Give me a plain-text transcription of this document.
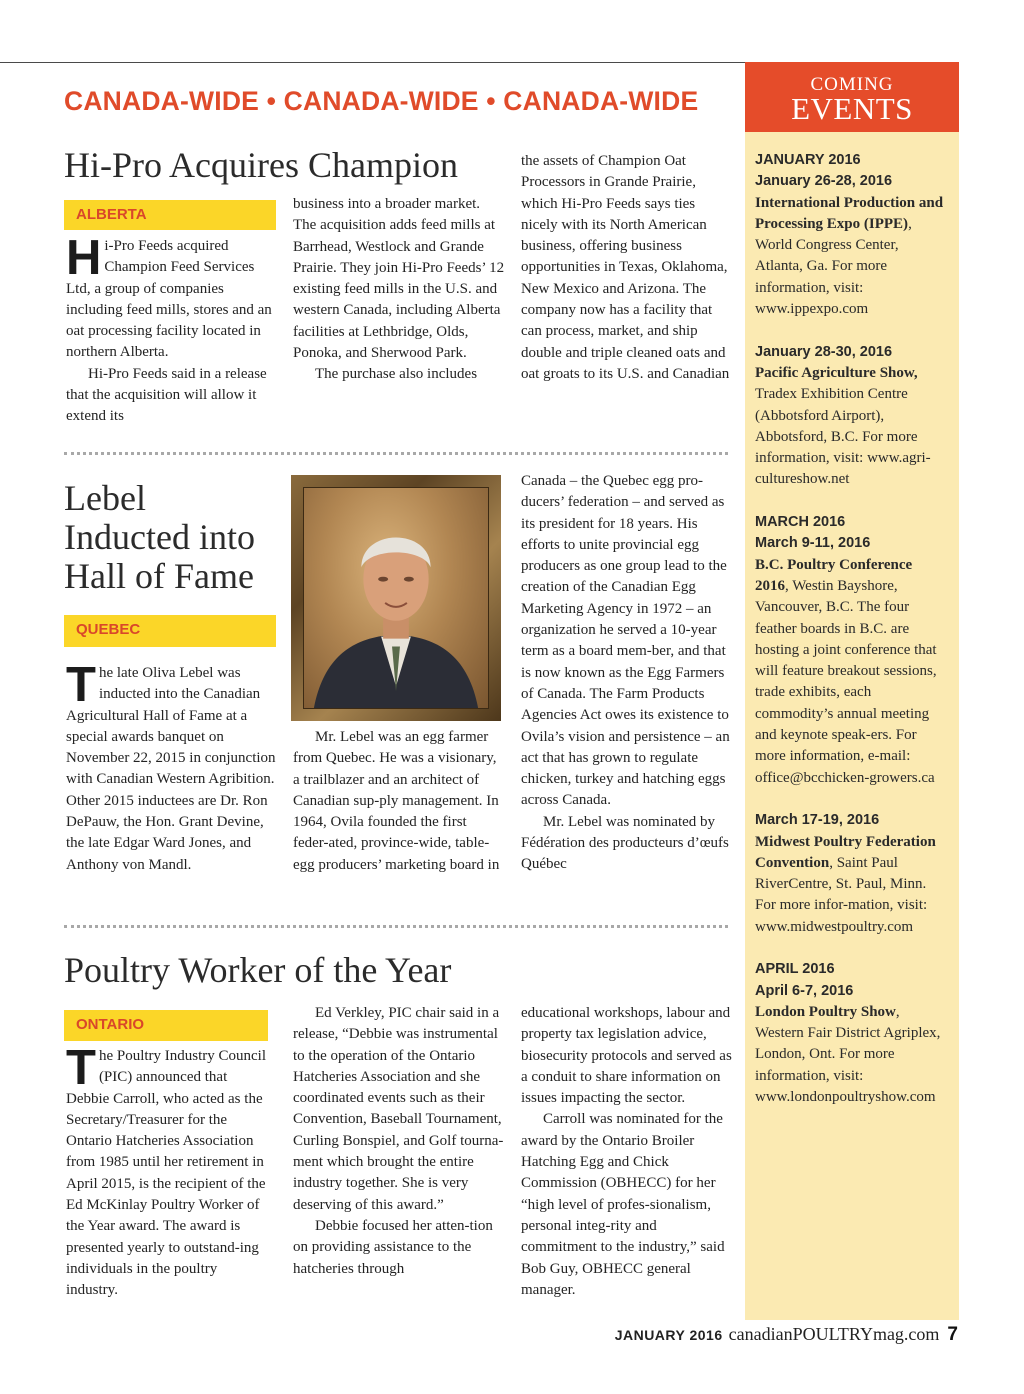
CANADA-WIDE • CANADA-WIDE • CANADA-WIDE
COMING
EVENTS
JANUARY 2016
January 26-28, 2016
International Production and Processing Expo (IPPE), World Congress Center, Atlanta, Ga. For more information, visit: www.ippexpo.com
January 28-30, 2016
Pacific Agriculture Show, Tradex Exhibition Centre (Abbotsford Airport), Abbotsford, B.C. For more information, visit: www.agri-cultureshow.net
MARCH 2016
March 9-11, 2016
B.C. Poultry Conference 2016, Westin Bayshore, Vancouver, B.C. The four feather boards in B.C. are hosting a joint conference that will feature breakout sessions, trade exhibits, each commodity’s annual meeting and keynote speak-ers. For more information, e-mail: office@bcchicken-growers.ca
March 17-19, 2016
Midwest Poultry Federation Convention, Saint Paul RiverCentre, St. Paul, Minn. For more infor-mation, visit: www.midwestpoultry.com
APRIL 2016
April 6-7, 2016
London Poultry Show, Western Fair District Agriplex, London, Ont. For more information, visit: www.londonpoultryshow.com
Hi-Pro Acquires Champion
ALBERTA

Hi-Pro Feeds acquired Champion Feed Services Ltd, a group of companies including feed mills, stores and an oat processing facility located in northern Alberta.

Hi-Pro Feeds said in a release that the acquisition will allow it extend its

business into a broader market. The acquisition adds feed mills at Barrhead, Westlock and Grande Prairie. They join Hi-Pro Feeds’ 12 existing feed mills in the U.S. and western Canada, including Alberta facilities at Lethbridge, Olds, Ponoka, and Sherwood Park.

The purchase also includes

the assets of Champion Oat Processors in Grande Prairie, which Hi-Pro Feeds says ties nicely with its North American business, offering business opportunities in Texas, Oklahoma, New Mexico and Arizona. The company now has a facility that can process, market, and ship double and triple cleaned oats and oat groats to its U.S. and Canadian

Lebel
Inducted into
Hall of Fame
QUEBEC

The late Oliva Lebel was inducted into the Canadian Agricultural Hall of Fame at a special awards banquet on November 22, 2015 in conjunction with Canadian Western Agribition. Other 2015 inductees are Dr. Ron DePauw, the Hon. Grant Devine, the late Edgar Ward Jones, and Anthony von Mandl.

Mr. Lebel was an egg farmer from Quebec. He was a visionary, a trailblazer and an architect of Canadian sup-ply management. In 1964, Ovila founded the first feder-ated, province-wide, table-egg producers’ marketing board in

Canada – the Quebec egg pro-ducers’ federation – and served as its president for 18 years. His efforts to unite provincial egg producers as one group lead to the creation of the Canadian Egg Marketing Agency in 1972 – an organization he served a 10-year term as a board mem-ber, and that is now known as the Egg Farmers of Canada. The Farm Products Agencies Act owes its existence to Ovila’s vision and persistence – an act that has grown to regulate chicken, turkey and hatching eggs across Canada.

Mr. Lebel was nominated by Fédération des producteurs d’œufs Québec

Poultry Worker of the Year
ONTARIO

The Poultry Industry Council (PIC) announced that Debbie Carroll, who acted as the Secretary/Treasurer for the Ontario Hatcheries Association from 1985 until her retirement in April 2015, is the recipient of the Ed McKinlay Poultry Worker of the Year award. The award is presented yearly to outstand-ing individuals in the poultry industry.

Ed Verkley, PIC chair said in a release, “Debbie was instrumental to the operation of the Ontario Hatcheries Association and she coordinated events such as their Convention, Baseball Tournament, Curling Bonspiel, and Golf tourna-ment which brought the entire industry together. She is very deserving of this award.”

Debbie focused her atten-tion on providing assistance to the hatcheries through

educational workshops, labour and property tax legislation advice, biosecurity protocols and served as a conduit to share information on issues impacting the sector.

Carroll was nominated for the award by the Ontario Broiler Hatching Egg and Chick Commission (OBHECC) for her “high level of profes-sionalism, personal integ-rity and commitment to the industry,” said Bob Guy, OBHECC general manager.

JANUARY 2016 canadianPOULTRYmag.com 7
